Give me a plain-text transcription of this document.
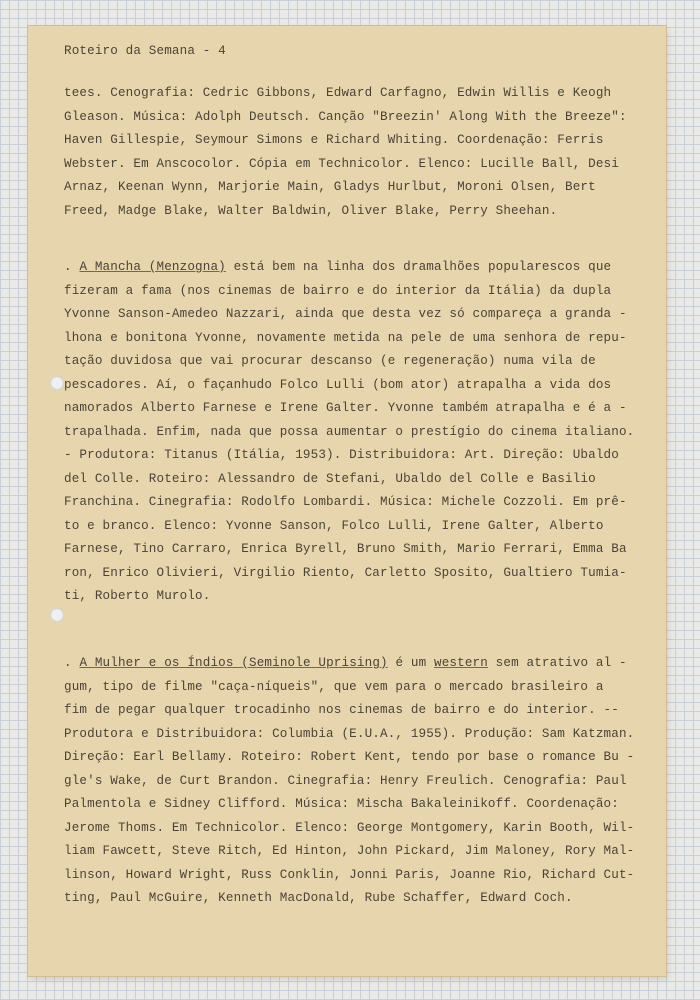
Roteiro da Semana - 4
tees. Cenografia: Cedric Gibbons, Edward Carfagno, Edwin Willis e Keogh
Gleason. Música: Adolph Deutsch. Canção "Breezin' Along With the Breeze":
Haven Gillespie, Seymour Simons e Richard Whiting. Coordenação: Ferris
Webster. Em Anscocolor. Cópia em Technicolor. Elenco: Lucille Ball, Desi
Arnaz, Keenan Wynn, Marjorie Main, Gladys Hurlbut, Moroni Olsen, Bert
Freed, Madge Blake, Walter Baldwin, Oliver Blake, Perry Sheehan.
. A Mancha (Menzogna) está bem na linha dos dramalhões popularescos que
fizeram a fama (nos cinemas de bairro e do interior da Itália) da dupla
Yvonne Sanson-Amedeo Nazzari, ainda que desta vez só compareça a grandа -
lhona e bonitona Yvonne, novamente metida na pele de uma senhora de repu-
tação duvidosa que vai procurar descanso (e regeneração) numa vila de
pescadores. Aí, o façanhudo Folco Lulli (bom ator) atrapalha a vida dos
namorados Alberto Farnese e Irene Galter. Yvonne também atrapalha e é a -
trapalhada. Enfim, nada que possa aumentar o prestígio do cinema italiano.
- Produtora: Titanus (Itália, 1953). Distribuidora: Art. Direção: Ubaldo
del Colle. Roteiro: Alessandro de Stefani, Ubaldo del Colle e Basilio
Franchina. Cinegrafia: Rodolfo Lombardi. Música: Michele Cozzoli. Em prê-
to e branco. Elenco: Yvonne Sanson, Folco Lulli, Irene Galter, Alberto
Farnese, Tino Carraro, Enrica Byrell, Bruno Smith, Mario Ferrari, Emma Ba
ron, Enrico Olivieri, Virgilio Riento, Carletto Sposito, Gualtiero Tumia-
ti, Roberto Murolo.
. A Mulher e os Índios (Seminole Uprising) é um western sem atrativo al -
gum, tipo de filme "caça-níqueis", que vem para o mercado brasileiro a
fim de pegar qualquer trocadinho nos cinemas de bairro e do interior. --
Produtora e Distribuidora: Columbia (E.U.A., 1955). Produção: Sam Katzman.
Direção: Earl Bellamy. Roteiro: Robert Kent, tendo por base o romance Bu -
gle's Wake, de Curt Brandon. Cinegrafia: Henry Freulich. Cenografia: Paul
Palmentola e Sidney Clifford. Música: Mischa Bakaleinikoff. Coordenação:
Jerome Thoms. Em Technicolor. Elenco: George Montgomery, Karin Booth, Wil-
liam Fawcett, Steve Ritch, Ed Hinton, John Pickard, Jim Maloney, Rory Mal-
linson, Howard Wright, Russ Conklin, Jonni Paris, Joanne Rio, Richard Cut-
ting, Paul McGuire, Kenneth MacDonald, Rube Schaffer, Edward Coch.
